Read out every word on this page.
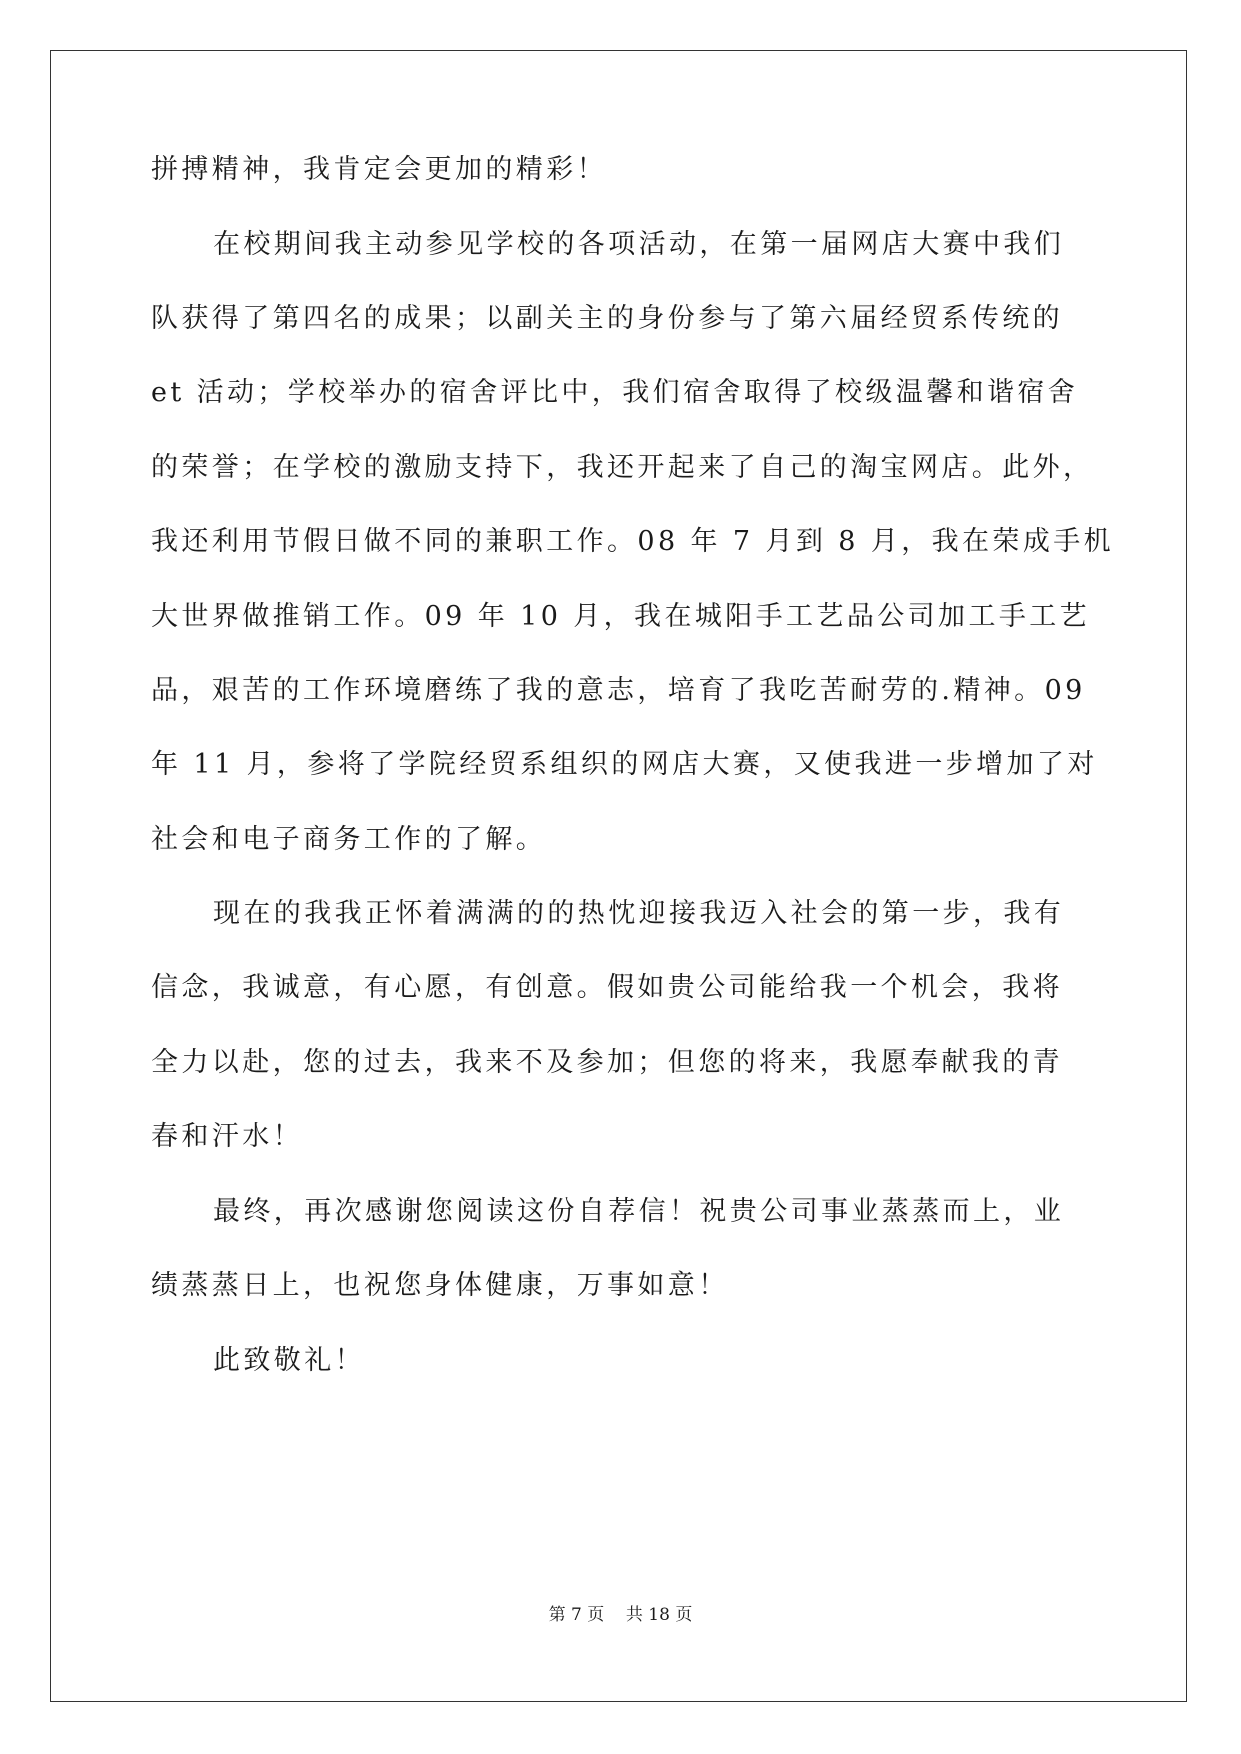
拼搏精神，我肯定会更加的精彩！

在校期间我主动参见学校的各项活动，在第一届网店大赛中我们

队获得了第四名的成果；以副关主的身份参与了第六届经贸系传统的

et 活动；学校举办的宿舍评比中，我们宿舍取得了校级温馨和谐宿舍

的荣誉；在学校的激励支持下，我还开起来了自己的淘宝网店。此外，

我还利用节假日做不同的兼职工作。08 年 7 月到 8 月，我在荣成手机

大世界做推销工作。09 年 10 月，我在城阳手工艺品公司加工手工艺

品，艰苦的工作环境磨练了我的意志，培育了我吃苦耐劳的.精神。09

年 11 月，参将了学院经贸系组织的网店大赛，又使我进一步增加了对

社会和电子商务工作的了解。

现在的我我正怀着满满的的热忱迎接我迈入社会的第一步，我有

信念，我诚意，有心愿，有创意。假如贵公司能给我一个机会，我将

全力以赴，您的过去，我来不及参加；但您的将来，我愿奉献我的青

春和汗水！

最终，再次感谢您阅读这份自荐信！祝贵公司事业蒸蒸而上，业

绩蒸蒸日上，也祝您身体健康，万事如意！

此致敬礼！

第 7 页    共 18 页
